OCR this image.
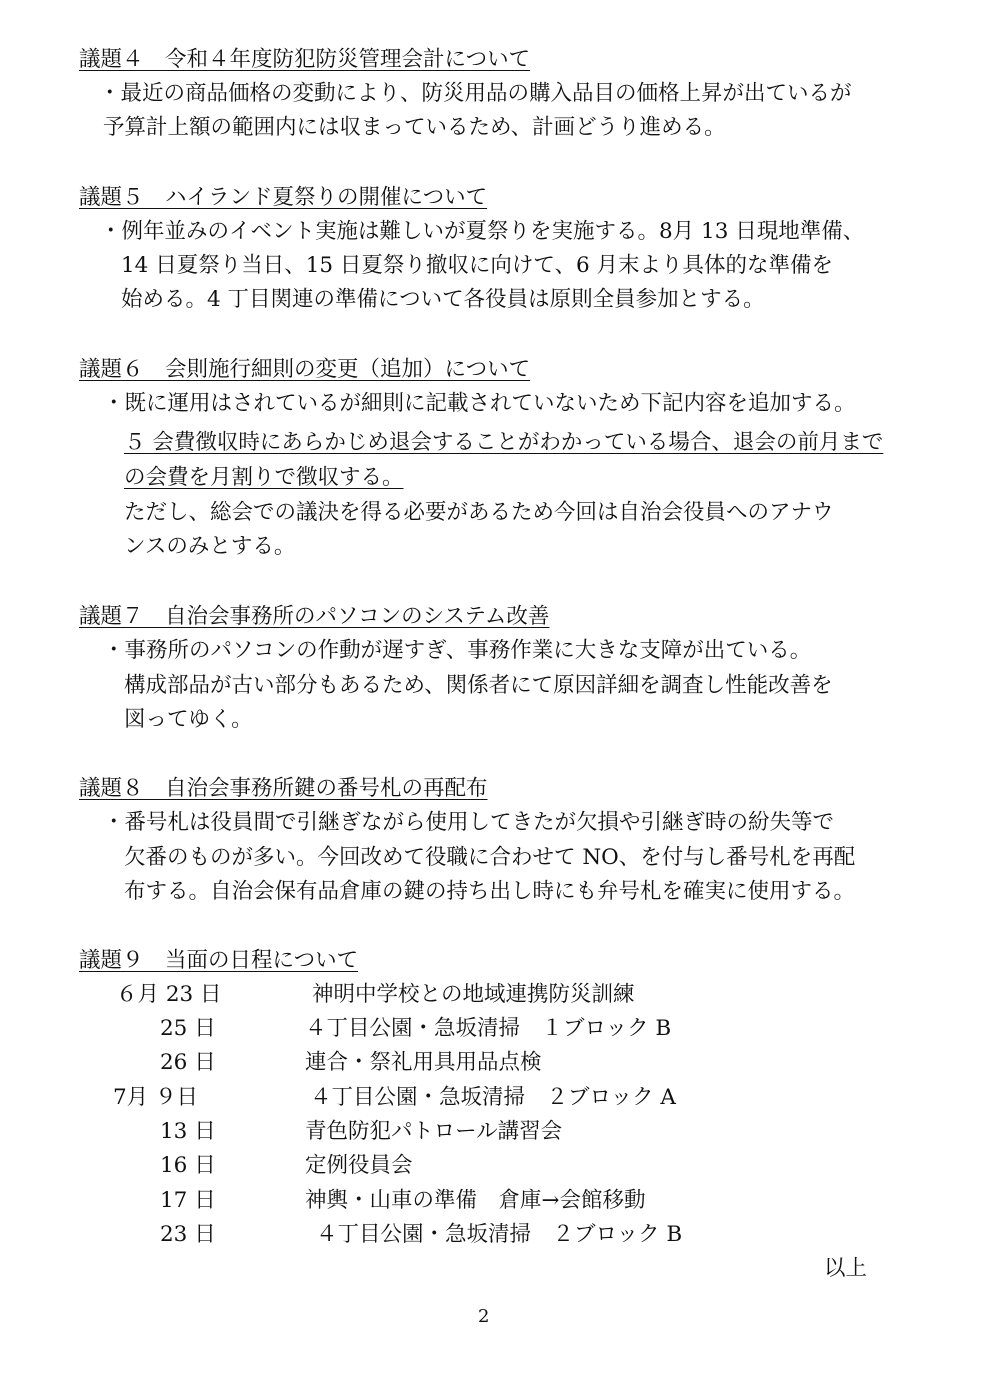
議題４　令和４年度防犯防災管理会計について
・最近の商品価格の変動により、防災用品の購入品目の価格上昇が出ているが
予算計上額の範囲内には収まっているため、計画どうり進める。
議題５　ハイランド夏祭りの開催について
・例年並みのイベント実施は難しいが夏祭りを実施する。8月 13 日現地準備、
14 日夏祭り当日、15 日夏祭り撤収に向けて、6 月末より具体的な準備を
始める。4 丁目関連の準備について各役員は原則全員参加とする。
議題６　会則施行細則の変更（追加）について
・既に運用はされているが細則に記載されていないため下記内容を追加する。
５ 会費徴収時にあらかじめ退会することがわかっている場合、退会の前月まで
の会費を月割りで徴収する。
ただし、総会での議決を得る必要があるため今回は自治会役員へのアナウ
ンスのみとする。
議題７　自治会事務所のパソコンのシステム改善
・事務所のパソコンの作動が遅すぎ、事務作業に大きな支障が出ている。
構成部品が古い部分もあるため、関係者にて原因詳細を調査し性能改善を
図ってゆく。
議題８　自治会事務所鍵の番号札の再配布
・番号札は役員間で引継ぎながら使用してきたが欠損や引継ぎ時の紛失等で
欠番のものが多い。今回改めて役職に合わせて NO、を付与し番号札を再配
布する。自治会保有品倉庫の鍵の持ち出し時にも弁号札を確実に使用する。
議題９　当面の日程について
６月 23 日	神明中学校との地域連携防災訓練
25 日	４丁目公園・急坂清掃　１ブロック B
26 日	連合・祭礼用具用品点検
7月 ９日	４丁目公園・急坂清掃　２ブロック A
13 日	青色防犯パトロール講習会
16 日	定例役員会
17 日	神輿・山車の準備　倉庫→会館移動
23 日	４丁目公園・急坂清掃　２ブロック B
以上
2
